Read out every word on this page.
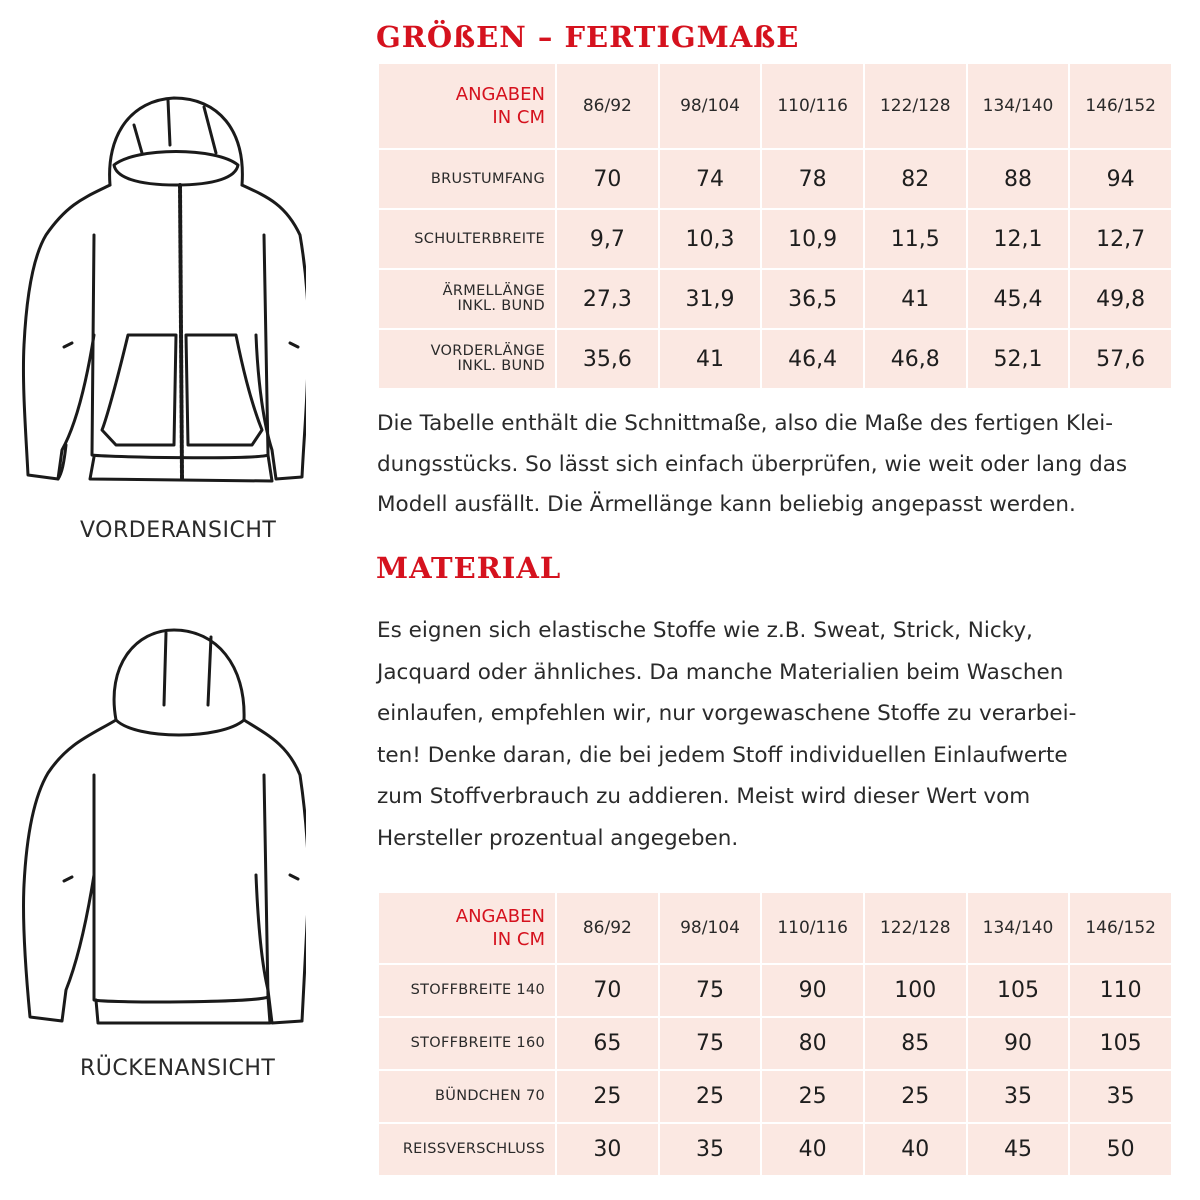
VORDERANSICHT
RÜCKENANSICHT
GRÖßEN – FERTIGMAßE
ANGABEN
IN CM	86/92	98/104	110/116	122/128	134/140	146/152
BRUSTUMFANG	70	74	78	82	88	94
SCHULTERBREITE	9,7	10,3	10,9	11,5	12,1	12,7
ÄRMELLÄNGE
INKL. BUND	27,3	31,9	36,5	41	45,4	49,8
VORDERLÄNGE
INKL. BUND	35,6	41	46,4	46,8	52,1	57,6

Die Tabelle enthält die Schnittmaße, also die Maße des fertigen Klei-
dungsstücks. So lässt sich einfach überprüfen, wie weit oder lang das
Modell ausfällt. Die Ärmellänge kann beliebig angepasst werden.

MATERIAL

Es eignen sich elastische Stoffe wie z.B. Sweat, Strick, Nicky,
Jacquard oder ähnliches. Da manche Materialien beim Waschen
einlaufen, empfehlen wir, nur vorgewaschene Stoffe zu verarbei-
ten! Denke daran, die bei jedem Stoff individuellen Einlaufwerte
zum Stoffverbrauch zu addieren. Meist wird dieser Wert vom
Hersteller prozentual angegeben.

ANGABEN
IN CM	86/92	98/104	110/116	122/128	134/140	146/152
STOFFBREITE 140	70	75	90	100	105	110
STOFFBREITE 160	65	75	80	85	90	105
BÜNDCHEN 70	25	25	25	25	35	35
REISSVERSCHLUSS	30	35	40	40	45	50
